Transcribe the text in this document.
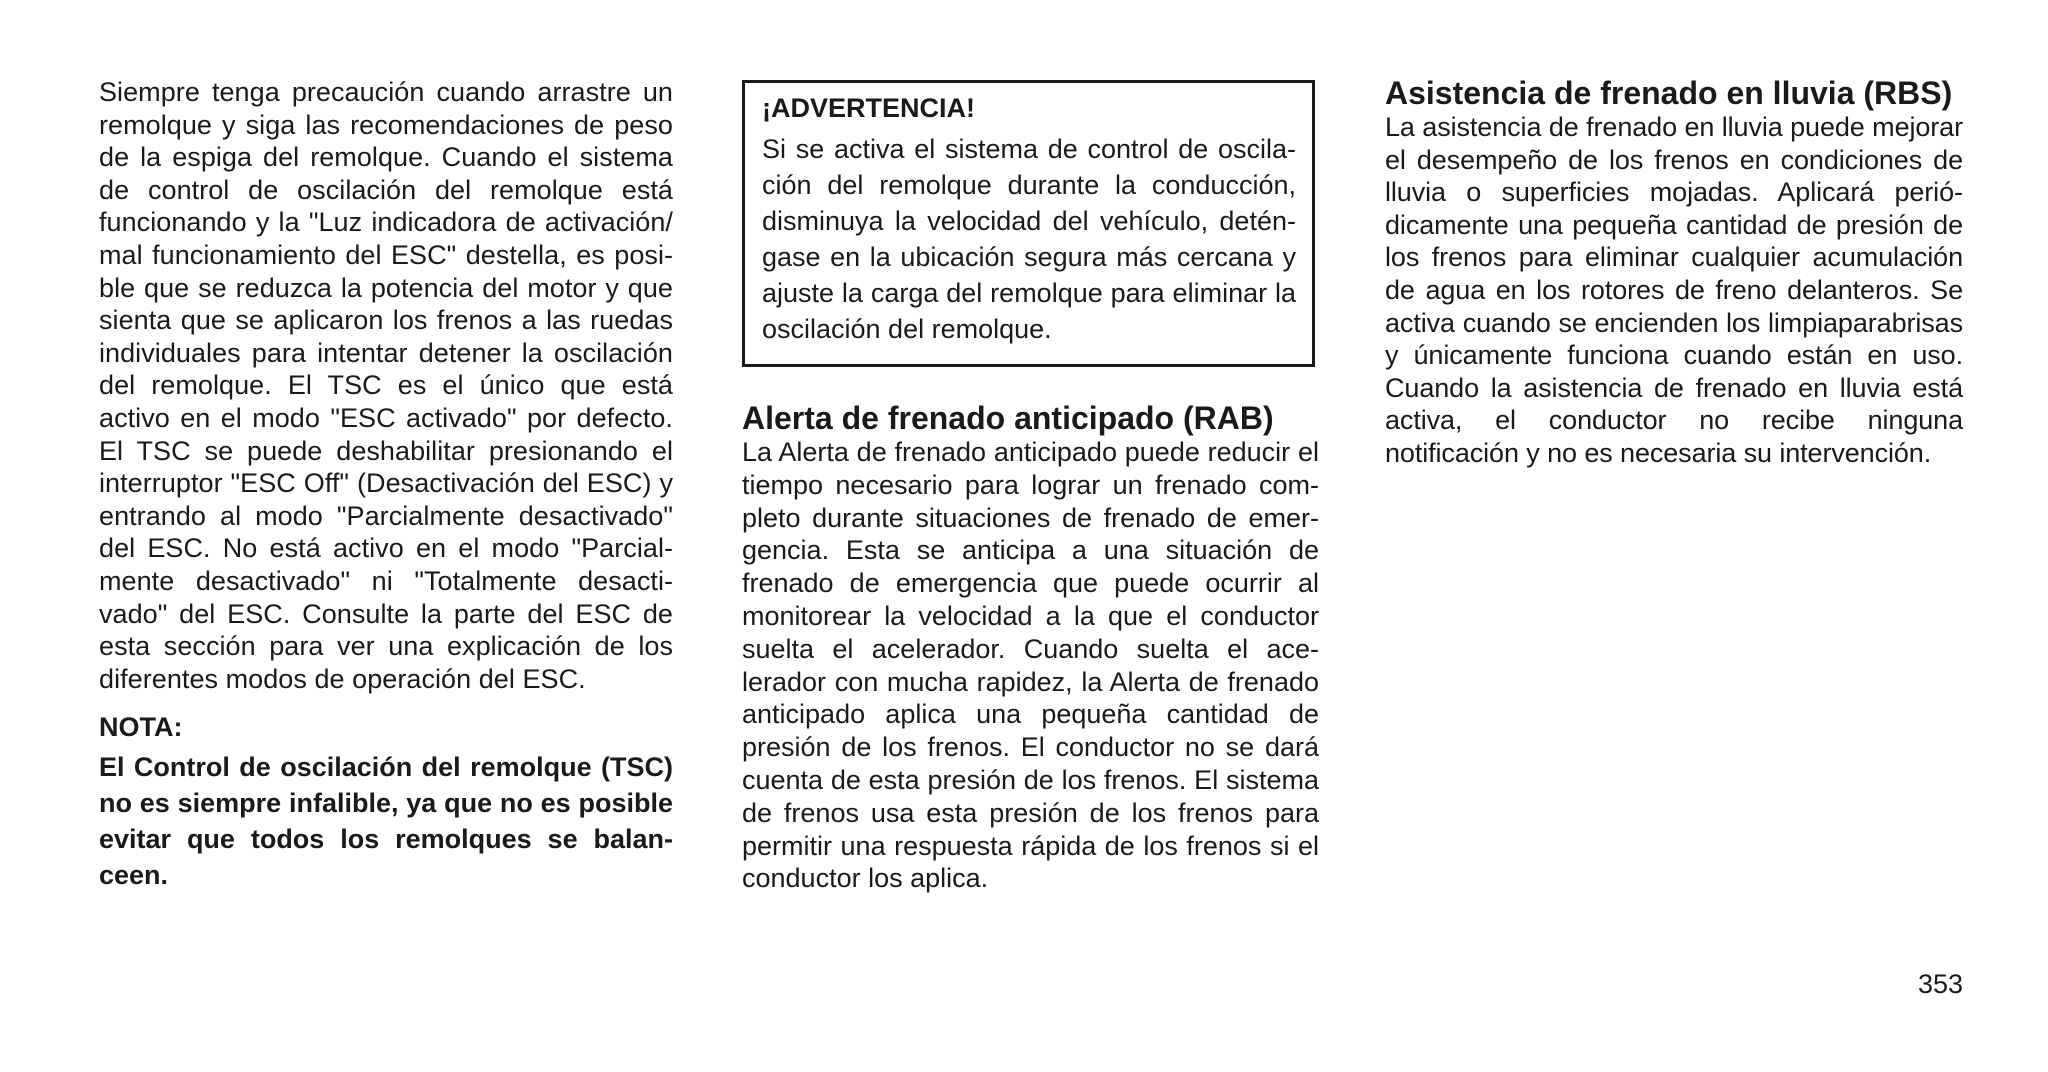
Siempre tenga precaución cuando arrastre un remolque y siga las recomendaciones de peso de la espiga del remolque. Cuando el sistema de control de oscilación del remolque está funcionando y la "Luz indicadora de activación/ mal funcionamiento del ESC" destella, es posible que se reduzca la potencia del motor y que sienta que se aplicaron los frenos a las ruedas individuales para intentar detener la oscilación del remolque. El TSC es el único que está activo en el modo "ESC activado" por defecto. El TSC se puede deshabilitar presionando el interruptor "ESC Off" (Desactivación del ESC) y entrando al modo "Parcialmente desactivado" del ESC. No está activo en el modo "Parcialmente desactivado" ni "Totalmente desactivado" del ESC. Consulte la parte del ESC de esta sección para ver una explicación de los diferentes modos de operación del ESC.

NOTA:

El Control de oscilación del remolque (TSC) no es siempre infalible, ya que no es posible evitar que todos los remolques se balanceen.

¡ADVERTENCIA!

Si se activa el sistema de control de oscilación del remolque durante la conducción, disminuya la velocidad del vehículo, deténgase en la ubicación segura más cercana y ajuste la carga del remolque para eliminar la oscilación del remolque.

Alerta de frenado anticipado (RAB)

La Alerta de frenado anticipado puede reducir el tiempo necesario para lograr un frenado completo durante situaciones de frenado de emergencia. Esta se anticipa a una situación de frenado de emergencia que puede ocurrir al monitorear la velocidad a la que el conductor suelta el acelerador. Cuando suelta el acelerador con mucha rapidez, la Alerta de frenado anticipado aplica una pequeña cantidad de presión de los frenos. El conductor no se dará cuenta de esta presión de los frenos. El sistema de frenos usa esta presión de los frenos para permitir una respuesta rápida de los frenos si el conductor los aplica.

Asistencia de frenado en lluvia (RBS)

La asistencia de frenado en lluvia puede mejorar el desempeño de los frenos en condiciones de lluvia o superficies mojadas. Aplicará periódicamente una pequeña cantidad de presión de los frenos para eliminar cualquier acumulación de agua en los rotores de freno delanteros. Se activa cuando se encienden los limpiaparabrisas y únicamente funciona cuando están en uso. Cuando la asistencia de frenado en lluvia está activa, el conductor no recibe ninguna notificación y no es necesaria su intervención.

353
